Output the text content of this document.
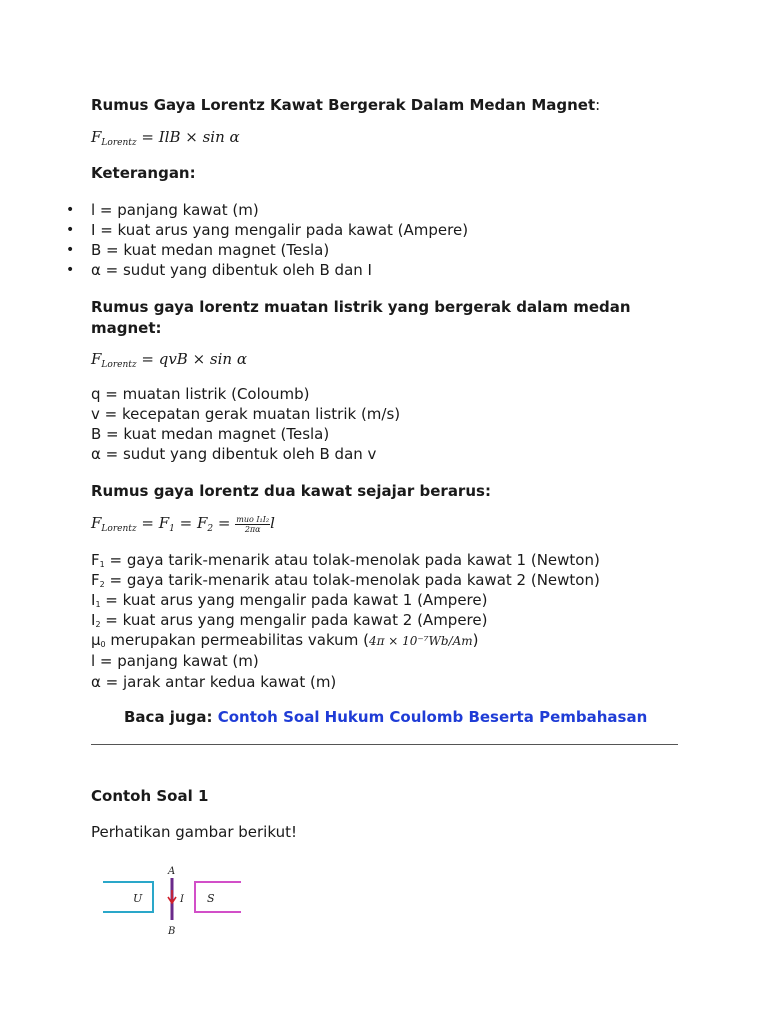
Rumus Gaya Lorentz Kawat Bergerak Dalam Medan Magnet:
$F_{Lorentz}$ = IlB × sin α
Keterangan:
• l = panjang kawat (m)
• I = kuat arus yang mengalir pada kawat (Ampere)
• B = kuat medan magnet (Tesla)
• α = sudut yang dibentuk oleh B dan I
Rumus gaya lorentz muatan listrik yang bergerak dalam medan
magnet:
$F_{Lorentz}$ = qvB × sin α
q = muatan listrik (Coloumb)
v = kecepatan gerak muatan listrik (m/s)
B = kuat medan magnet (Tesla)
α = sudut yang dibentuk oleh B dan v
Rumus gaya lorentz dua kawat sejajar berarus:
$F_{Lorentz} = F_1 = F_2 = \frac{\text{muo I₁I₂}}{2\pi\alpha}$ l
F1 = gaya tarik-menarik atau tolak-menolak pada kawat 1 (Newton)
F2 = gaya tarik-menarik atau tolak-menolak pada kawat 2 (Newton)
I1 = kuat arus yang mengalir pada kawat 1 (Ampere)
I2 = kuat arus yang mengalir pada kawat 2 (Ampere)
μ0 merupakan permeabilitas vakum (4π × 10⁻⁷Wb/Am)
l = panjang kawat (m)
α = jarak antar kedua kawat (m)
Baca juga: Contoh Soal Hukum Coulomb Beserta Pembahasan
Contoh Soal 1
Perhatikan gambar berikut!
U	S
A
B
I
